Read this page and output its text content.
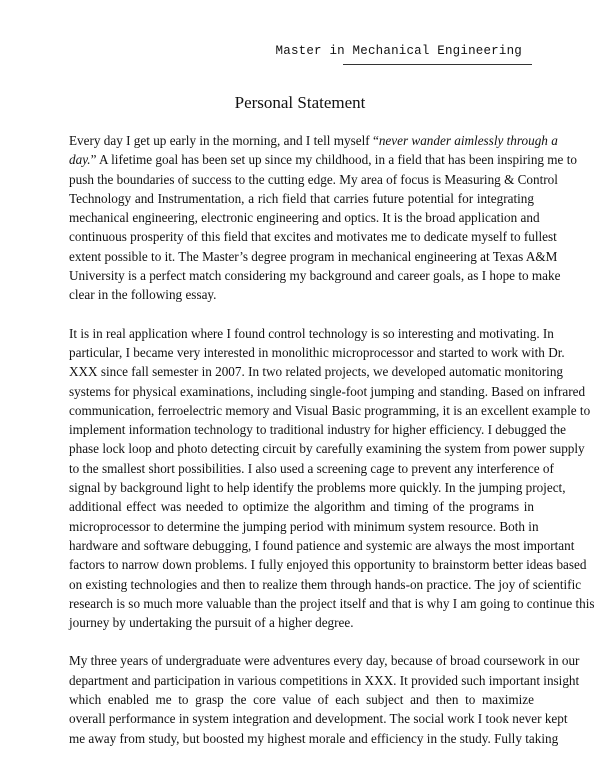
Master in Mechanical Engineering
Personal Statement
Every day I get up early in the morning, and I tell myself “never wander aimlessly through a
day.” A lifetime goal has been set up since my childhood, in a field that has been inspiring me to
push the boundaries of success to the cutting edge. My area of focus is Measuring & Control
Technology and Instrumentation, a rich field that carries future potential for integrating
mechanical engineering, electronic engineering and optics. It is the broad application and
continuous prosperity of this field that excites and motivates me to dedicate myself to fullest
extent possible to it. The Master’s degree program in mechanical engineering at Texas A&M
University is a perfect match considering my background and career goals, as I hope to make
clear in the following essay.
It is in real application where I found control technology is so interesting and motivating. In
particular, I became very interested in monolithic microprocessor and started to work with Dr.
XXX since fall semester in 2007. In two related projects, we developed automatic monitoring
systems for physical examinations, including single-foot jumping and standing. Based on infrared
communication, ferroelectric memory and Visual Basic programming, it is an excellent example to
implement information technology to traditional industry for higher efficiency. I debugged the
phase lock loop and photo detecting circuit by carefully examining the system from power supply
to the smallest short possibilities. I also used a screening cage to prevent any interference of
signal by background light to help identify the problems more quickly. In the jumping project,
additional effect was needed to optimize the algorithm and timing of the programs in
microprocessor to determine the jumping period with minimum system resource. Both in
hardware and software debugging, I found patience and systemic are always the most important
factors to narrow down problems. I fully enjoyed this opportunity to brainstorm better ideas based
on existing technologies and then to realize them through hands-on practice. The joy of scientific
research is so much more valuable than the project itself and that is why I am going to continue this
journey by undertaking the pursuit of a higher degree.
My three years of undergraduate were adventures every day, because of broad coursework in our
department and participation in various competitions in XXX. It provided such important insight
which enabled me to grasp the core value of each subject and then to maximize
overall performance in system integration and development. The social work I took never kept
me away from study, but boosted my highest morale and efficiency in the study. Fully taking
